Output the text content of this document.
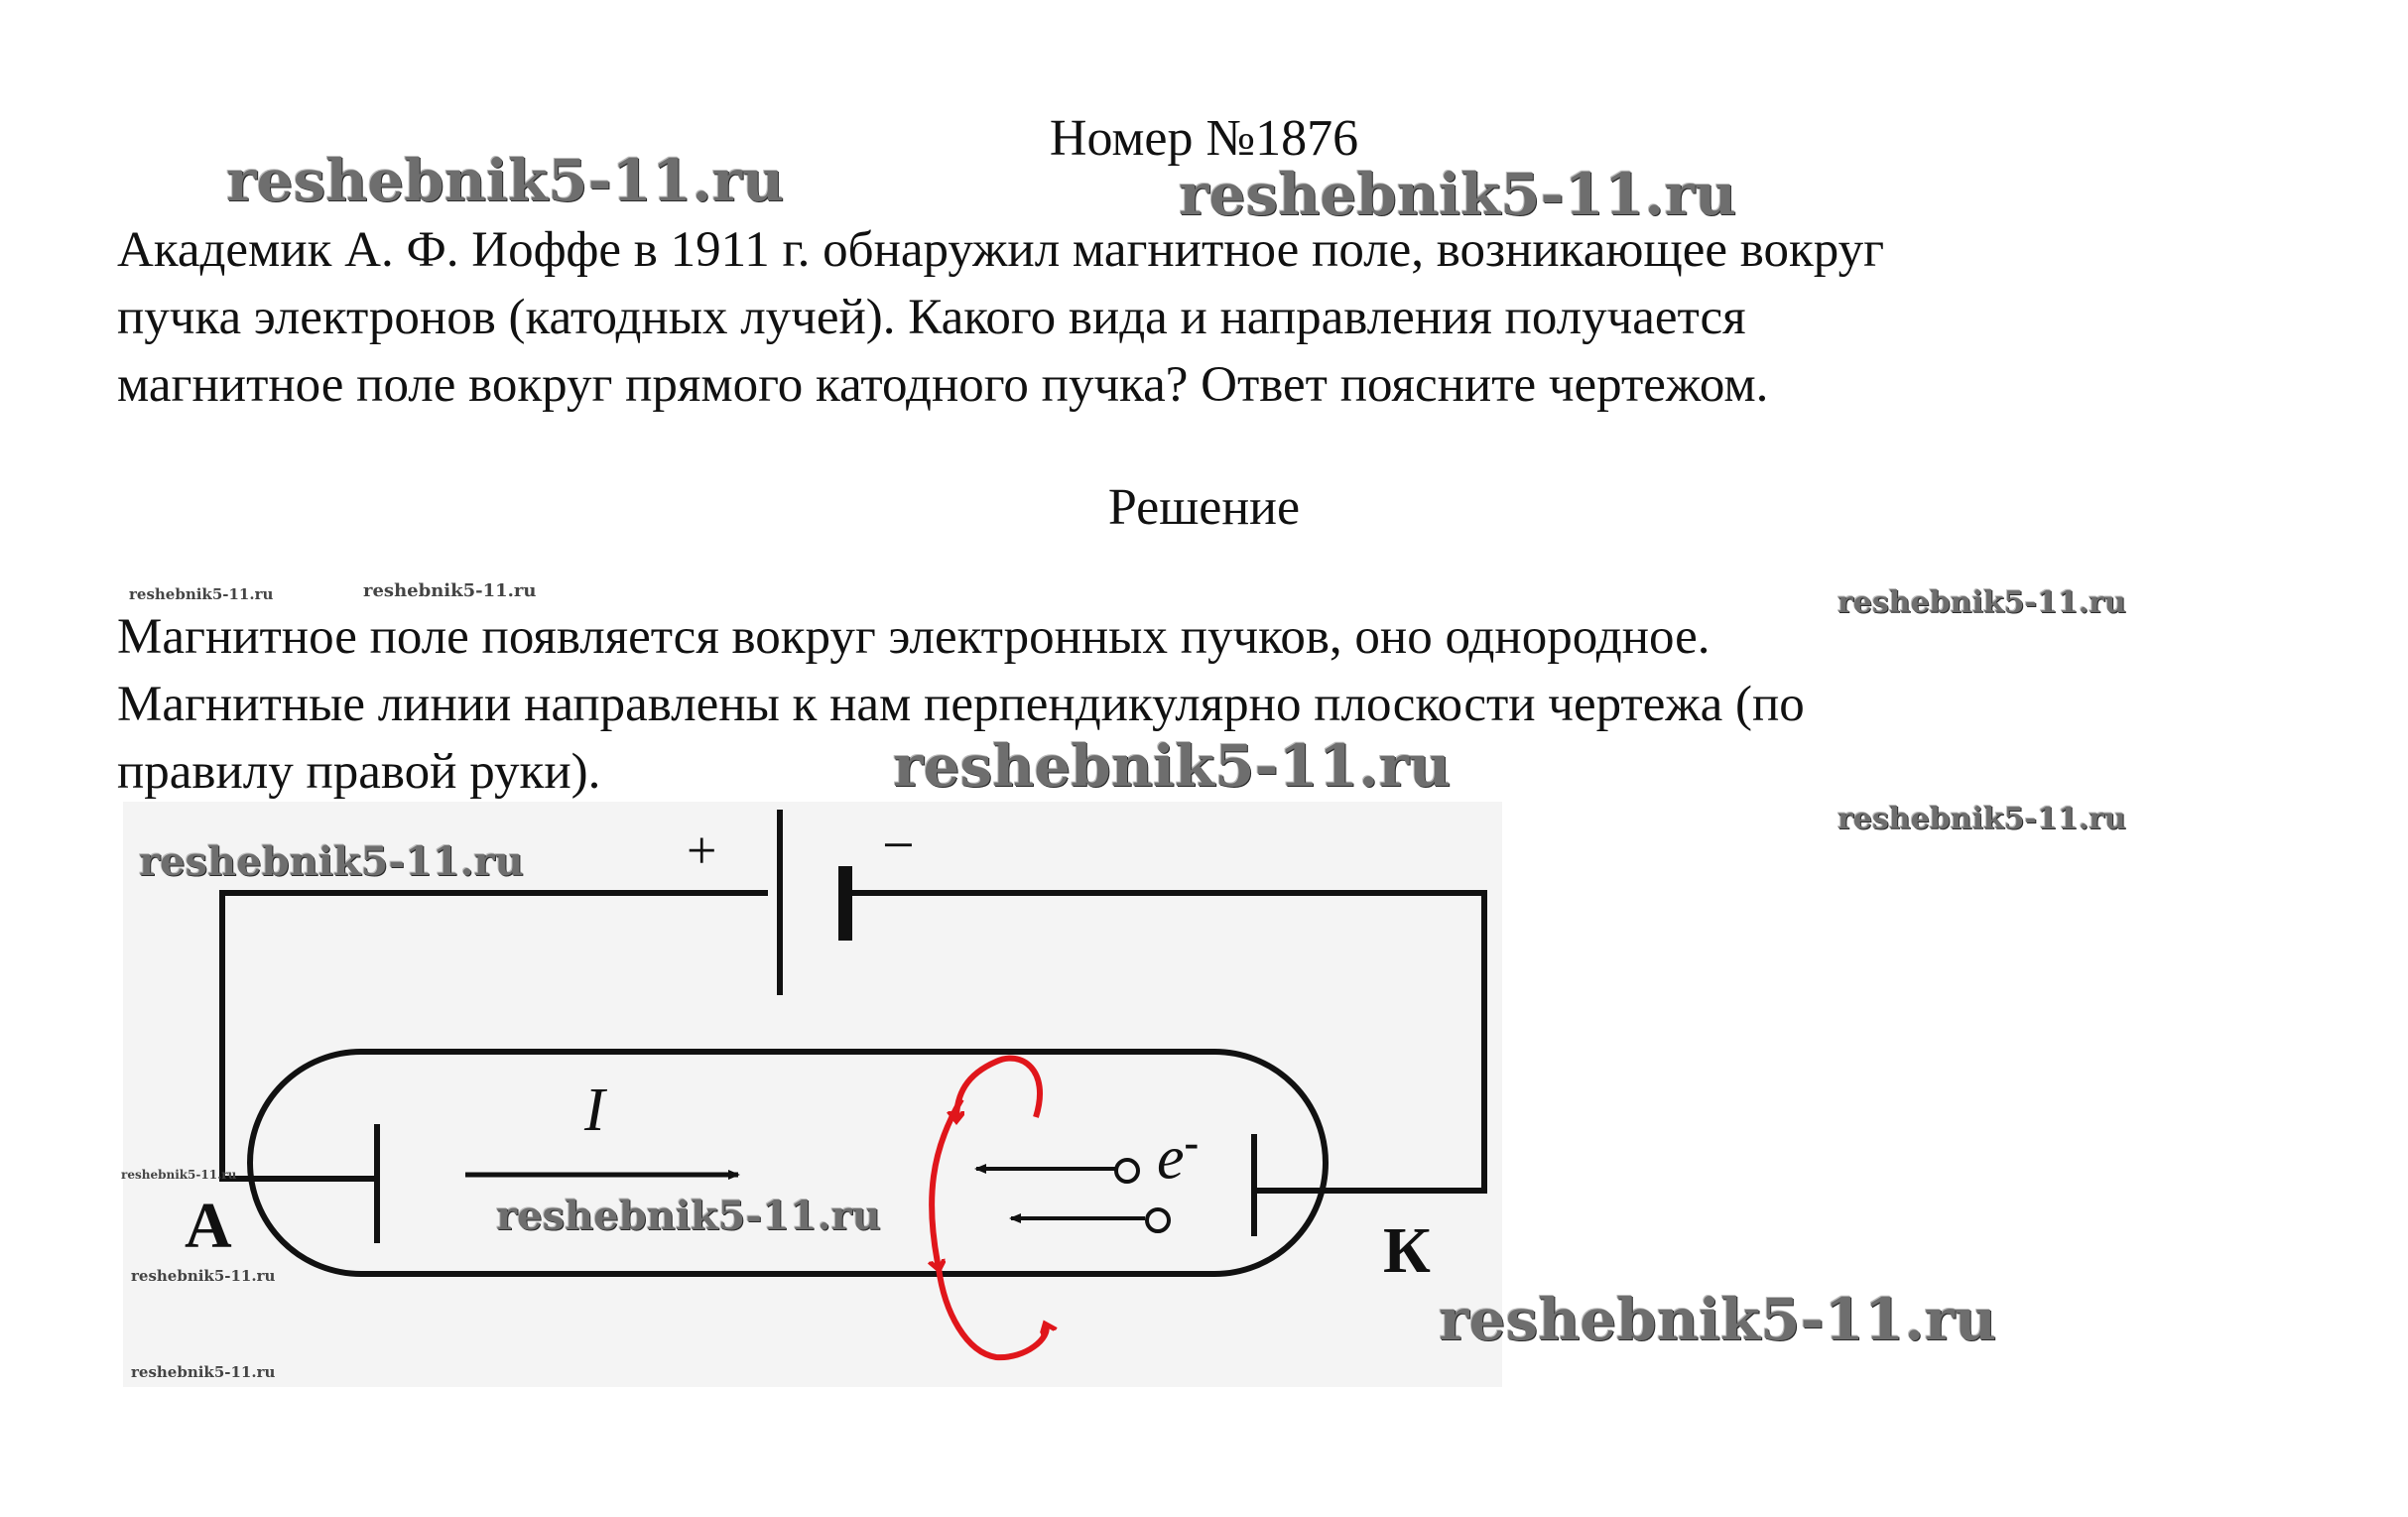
Номер №1876
reshebnik5-11.ru	reshebnik5-11.ru
Академик А. Ф. Иоффе в 1911 г. обнаружил магнитное поле, возникающее вокруг
пучка электронов (катодных лучей). Какого вида и направления получается
магнитное поле вокруг прямого катодного пучка? Ответ поясните чертежом.
Решение
reshebnik5-11.ru	reshebnik5-11.ru	reshebnik5-11.ru
Магнитное поле появляется вокруг электронных пучков, оно однородное.
Магнитные линии направлены к нам перпендикулярно плоскости чертежа (по
правилу правой руки).
+	−
I
e-
А	К
reshebnik5-11.ru
reshebnik5-11.ru
reshebnik5-11.ru
reshebnik5-11.ru
reshebnik5-11.ru
reshebnik5-11.ru
reshebnik5-11.ru
reshebnik5-11.ru
